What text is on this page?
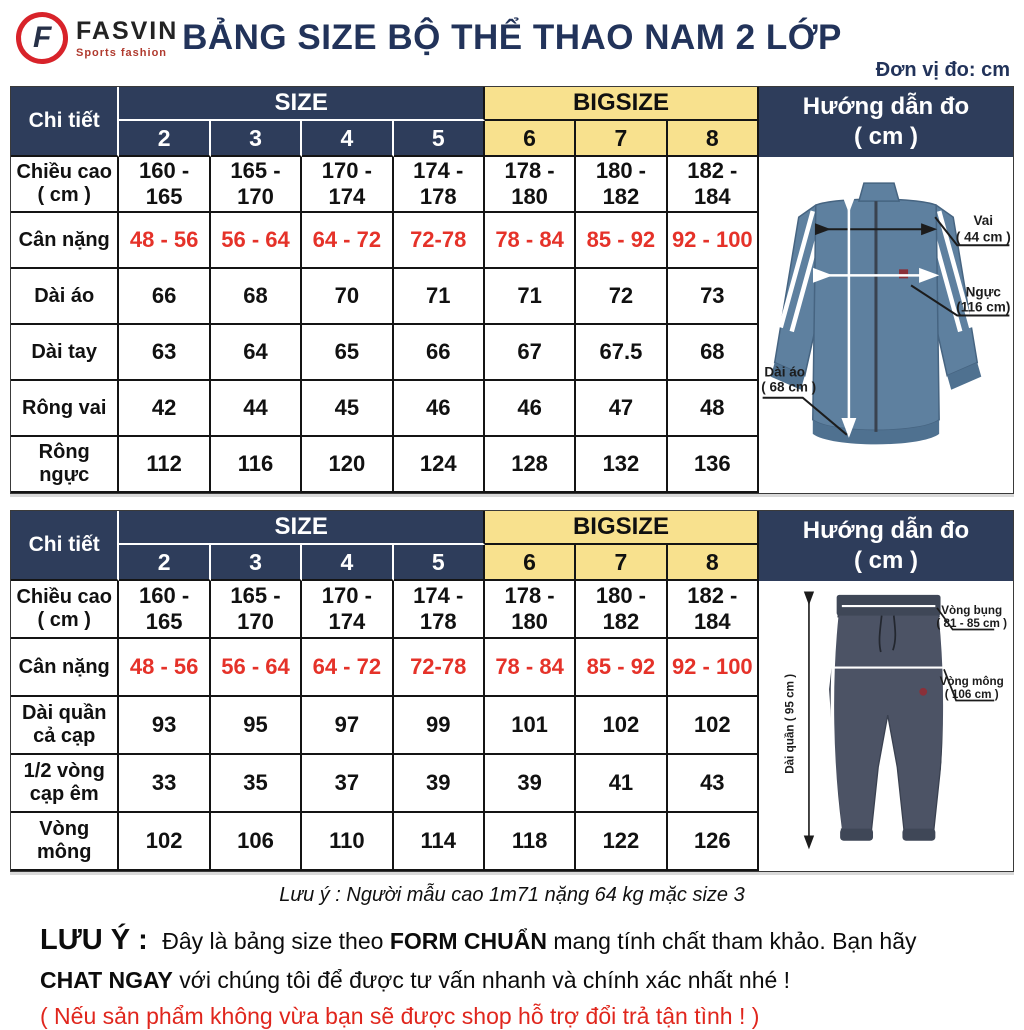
F FASVIN
Sports fashion BẢNG SIZE BỘ THỂ THAO NAM 2 LỚP
Đơn vị đo: cm
Chi tiết	SIZE				BIGSIZE		
	2	3	4	5	6	7	8
Chiều cao ( cm )	160 - 165	165 - 170	170 - 174	174 - 178	178 - 180	180 - 182	182 - 184
Cân nặng	48 - 56	56 - 64	64 - 72	72-78	78 - 84	85 - 92	92 - 100
Dài áo	66	68	70	71	71	72	73
Dài tay	63	64	65	66	67	67.5	68
Rông vai	42	44	45	46	46	47	48
Rông ngực	112	116	120	124	128	132	136
Hướng dẫn đo
( cm )
Vai
( 44 cm )
Ngực
(116 cm)
Dài áo
( 68 cm )
Chi tiết	SIZE				BIGSIZE		
	2	3	4	5	6	7	8
Chiều cao ( cm )	160 - 165	165 - 170	170 - 174	174 - 178	178 - 180	180 - 182	182 - 184
Cân nặng	48 - 56	56 - 64	64 - 72	72-78	78 - 84	85 - 92	92 - 100
Dài quần cả cạp	93	95	97	99	101	102	102
1/2 vòng cạp êm	33	35	37	39	39	41	43
Vòng mông	102	106	110	114	118	122	126
Hướng dẫn đo
( cm )
Vòng bụng
( 81 - 85 cm )
Vòng mông
( 106 cm )
Dài quần ( 95 cm )
Lưu ý : Người mẫu cao 1m71 nặng 64 kg mặc size 3

LƯU Ý : Đây là bảng size theo FORM CHUẨN mang tính chất tham khảo. Bạn hãy CHAT NGAY với chúng tôi để được tư vấn nhanh và chính xác nhất nhé !

( Nếu sản phẩm không vừa bạn sẽ được shop hỗ trợ đổi trả tận tình ! )
